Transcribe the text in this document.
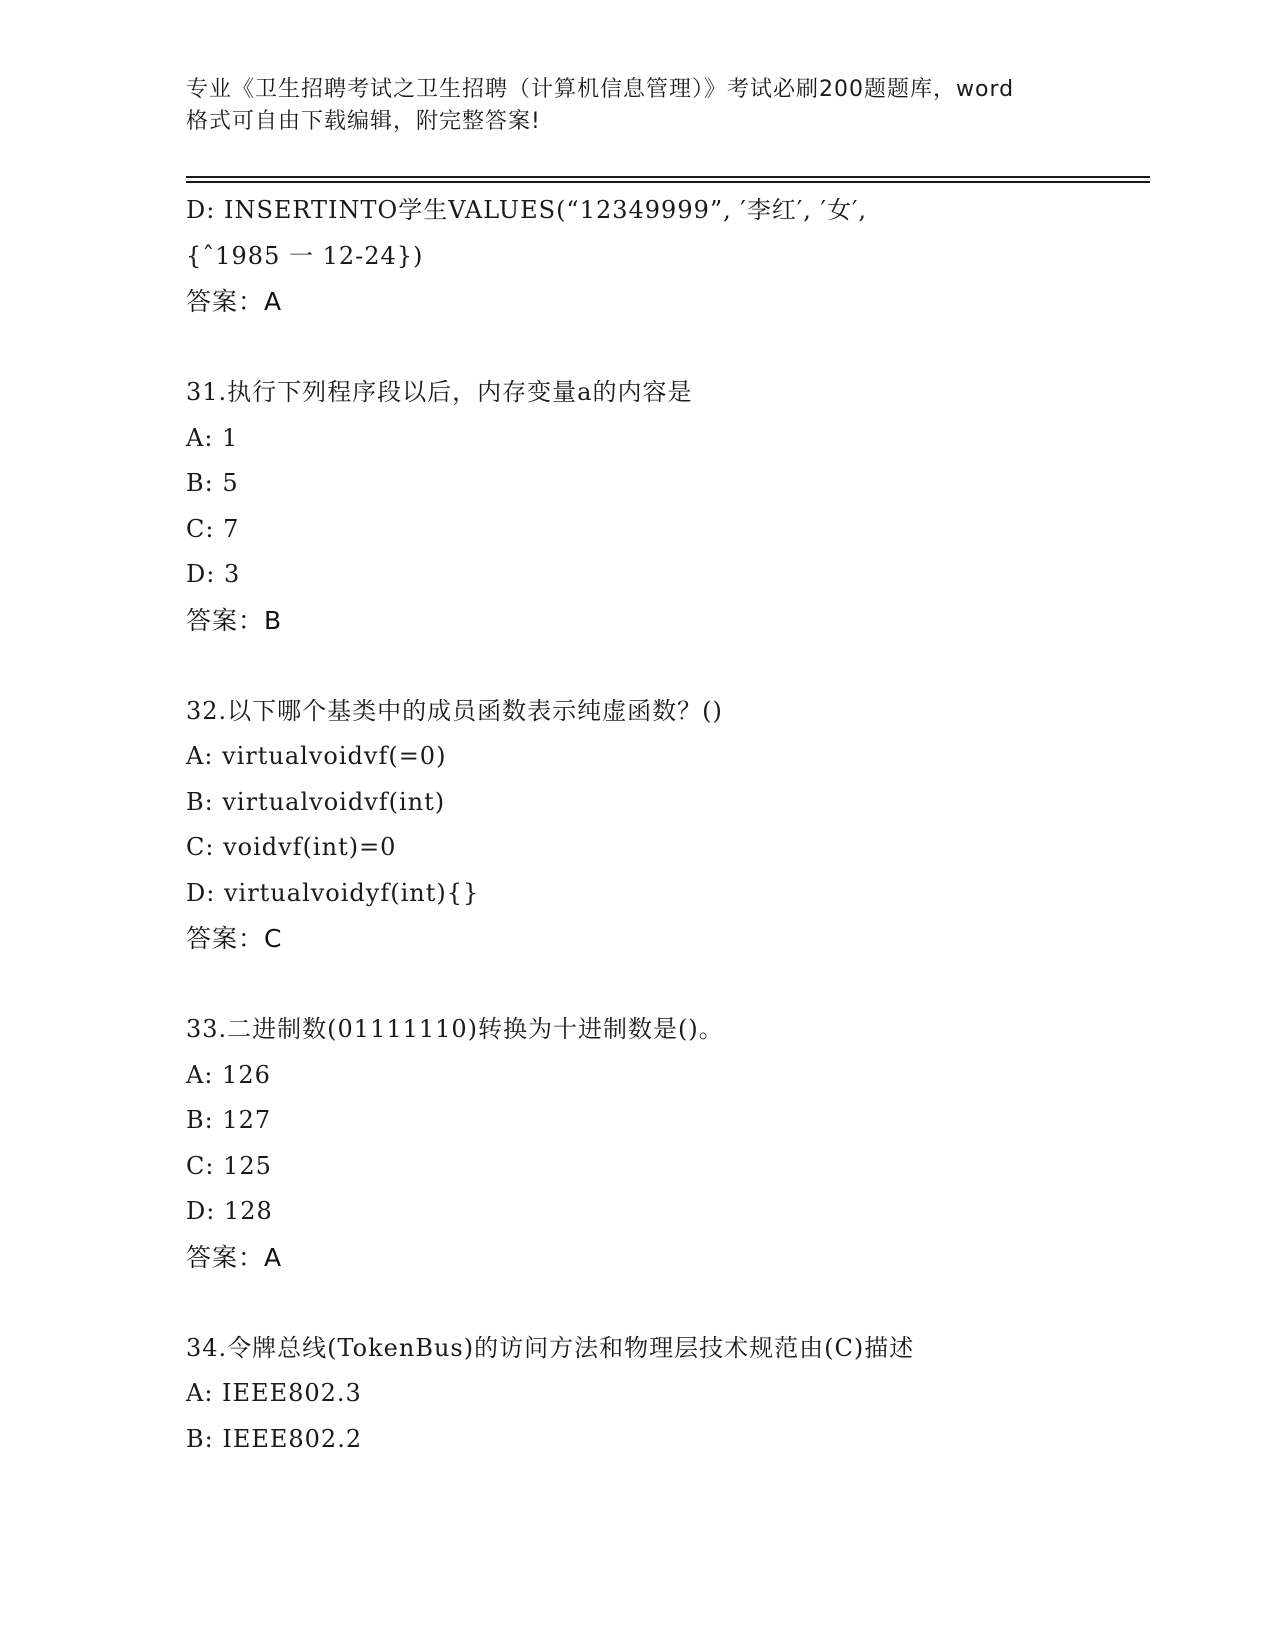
专业《卫生招聘考试之卫生招聘（计算机信息管理）》考试必刷200题题库，word
格式可自由下载编辑，附完整答案!
D: INSERTINTO学生VALUES(“12349999”, ′李红′, ′女′,
{ˆ1985 一 12-24})
答案：A
31.执行下列程序段以后，内存变量a的内容是
A: 1
B: 5
C: 7
D: 3
答案：B
32.以下哪个基类中的成员函数表示纯虚函数？()
A: virtualvoidvf(=0)
B: virtualvoidvf(int)
C: voidvf(int)=0
D: virtualvoidyf(int){}
答案：C
33.二进制数(01111110)转换为十进制数是()。
A: 126
B: 127
C: 125
D: 128
答案：A
34.令牌总线(TokenBus)的访问方法和物理层技术规范由(C)描述
A: IEEE802.3
B: IEEE802.2
